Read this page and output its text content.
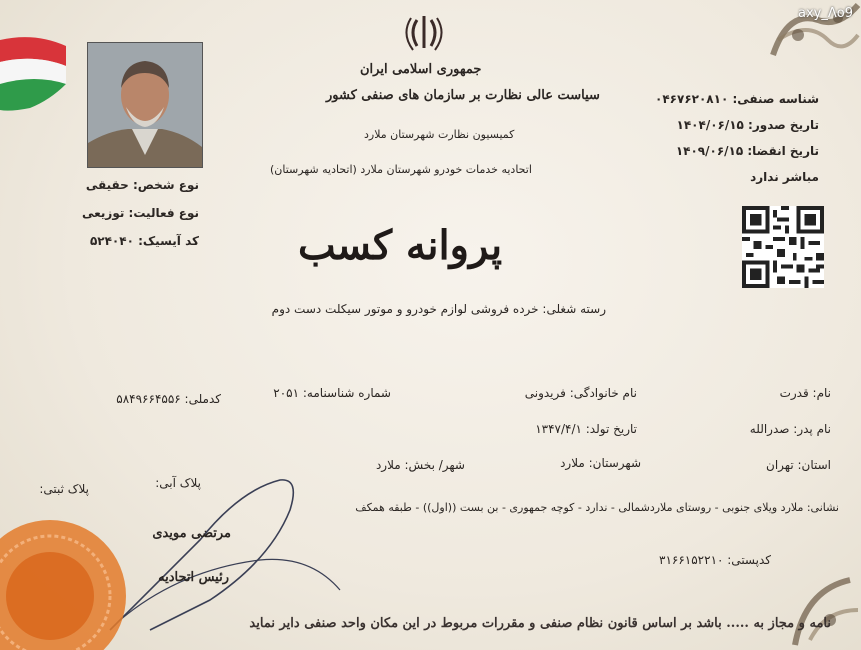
جمهوری اسلامی ایران
سیاست عالی نظارت بر سازمان های صنفی کشور
کمیسیون نظارت شهرستان ملارد
اتحادیه خدمات خودرو شهرستان ملارد (اتحادیه شهرستان)
شناسه صنفی: ۰۴۶۷۶۲۰۸۱۰
تاریخ صدور: ۱۴۰۴/۰۶/۱۵
تاریخ انقضا: ۱۴۰۹/۰۶/۱۵
مباشر ندارد
axy_Λο9
نوع شخص: حقیقی
نوع فعالیت: توزیعی
کد آیسیک: ۵۲۴۰۴۰ پروانه کسب
رسته شغلی: خرده فروشی لوازم خودرو و موتور سیکلت دست دوم
نام: قدرت
نام خانوادگی: فریدونی
شماره شناسنامه: ۲۰۵۱
کدملی: ۵۸۴۹۶۶۴۵۵۶
نام پدر: صدرالله
تاریخ تولد: ۱۳۴۷/۴/۱
استان: تهران
شهرستان: ملارد
شهر/ بخش: ملارد
پلاک آبی:
پلاک ثبتی:
نشانی: ملارد ویلای جنوبی - روستای ملاردشمالی - ندارد - کوچه جمهوری - بن بست ((اول)) - طبقه همکف
کدپستی: ۳۱۶۶۱۵۲۲۱۰
مرتضی مویدی
رئیس اتحادیه
نامه و مجاز به ..... باشد بر اساس قانون نظام صنفی و مقررات مربوط در این مکان واحد صنفی دایر نماید
